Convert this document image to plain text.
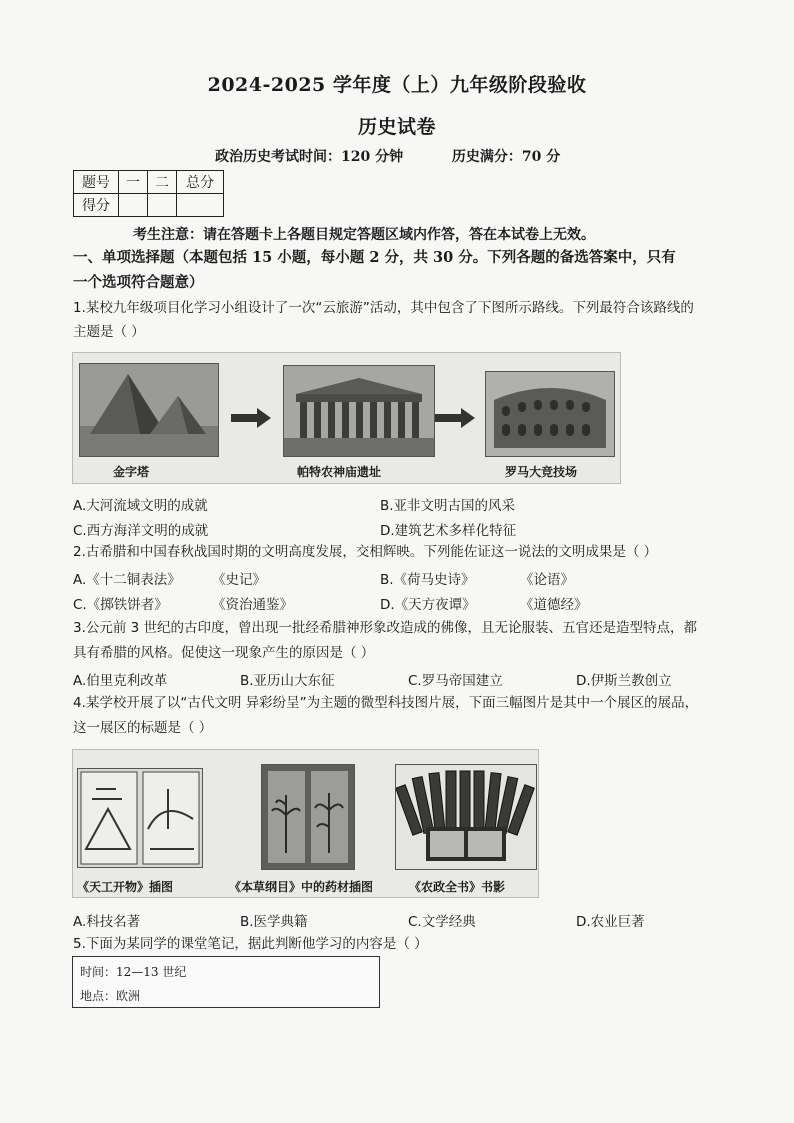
2024-2025 学年度（上）九年级阶段验收
历史试卷
政治历史考试时间：120 分钟          历史满分：70 分
题号	一	二	总分
得分			
考生注意：请在答题卡上各题目规定答题区域内作答，答在本试卷上无效。
一、单项选择题（本题包括 15 小题，每小题 2 分，共 30 分。下列各题的备选答案中，只有
一个选项符合题意）
1.某校九年级项目化学习小组设计了一次“云旅游”活动，其中包含了下图所示路线。下列最符合该路线的
主题是（ ）
金字塔	帕特农神庙遗址	罗马大竞技场
A.大河流域文明的成就	B.亚非文明古国的风采
C.西方海洋文明的成就	D.建筑艺术多样化特征
2.古希腊和中国春秋战国时期的文明高度发展，交相辉映。下列能佐证这一说法的文明成果是（ ）
A.《十二铜表法》 《史记》	B.《荷马史诗》	《论语》
C.《掷铁饼者》	《资治通鉴》	D.《天方夜谭》	《道德经》
3.公元前 3 世纪的古印度，曾出现一批经希腊神形象改造成的佛像，且无论服装、五官还是造型特点，都
具有希腊的风格。促使这一现象产生的原因是（ ）
A.伯里克利改革	B.亚历山大东征	C.罗马帝国建立	D.伊斯兰教创立
4.某学校开展了以“古代文明 异彩纷呈”为主题的微型科技图片展，下面三幅图片是其中一个展区的展品，
这一展区的标题是（ ）
《天工开物》插图	《本草纲目》中的药材插图	《农政全书》书影
A.科技名著	B.医学典籍	C.文学经典	D.农业巨著
5.下面为某同学的课堂笔记，据此判断他学习的内容是（ ）
时间：12—13 世纪
地点：欧洲
